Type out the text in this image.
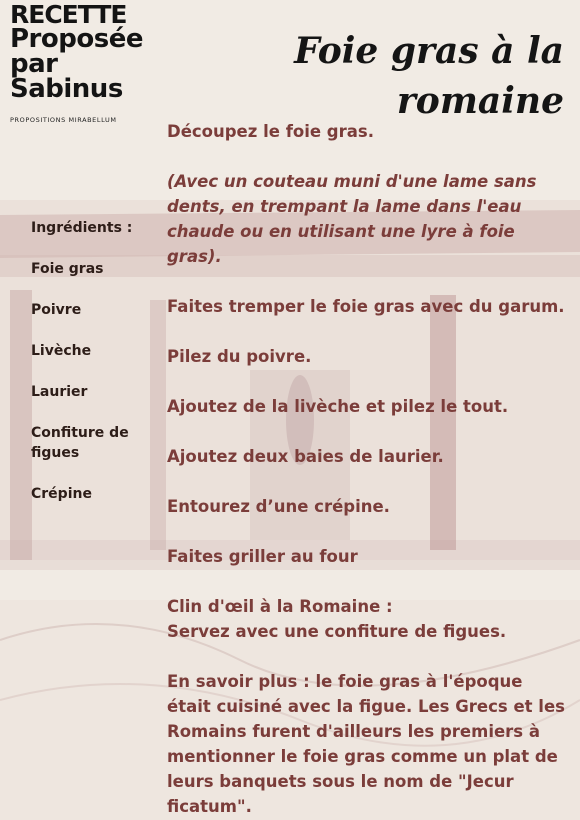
RECETTE
Proposée
par
Sabinus
PROPOSITIONS MIRABELLUM
Foie gras à la
romaine
Ingrédients :
Foie gras
Poivre
Livèche
Laurier
Confiture de figues
Crépine

Découpez le foie gras.

(Avec un couteau muni d'une lame sans dents, en trempant la lame dans l'eau chaude ou en utilisant une lyre à foie gras).

Faites tremper le foie gras avec du garum.

Pilez du poivre.

Ajoutez de la livèche et pilez le tout.

Ajoutez deux baies de laurier.

Entourez d’une crépine.

Faites griller au four

Clin d'œil à la Romaine :

Servez avec une confiture de figues.

En savoir plus : le foie gras à l'époque était cuisiné avec la figue. Les Grecs et les Romains furent d'ailleurs les premiers à mentionner le foie gras comme un plat de leurs banquets sous le nom de "Jecur ficatum".
